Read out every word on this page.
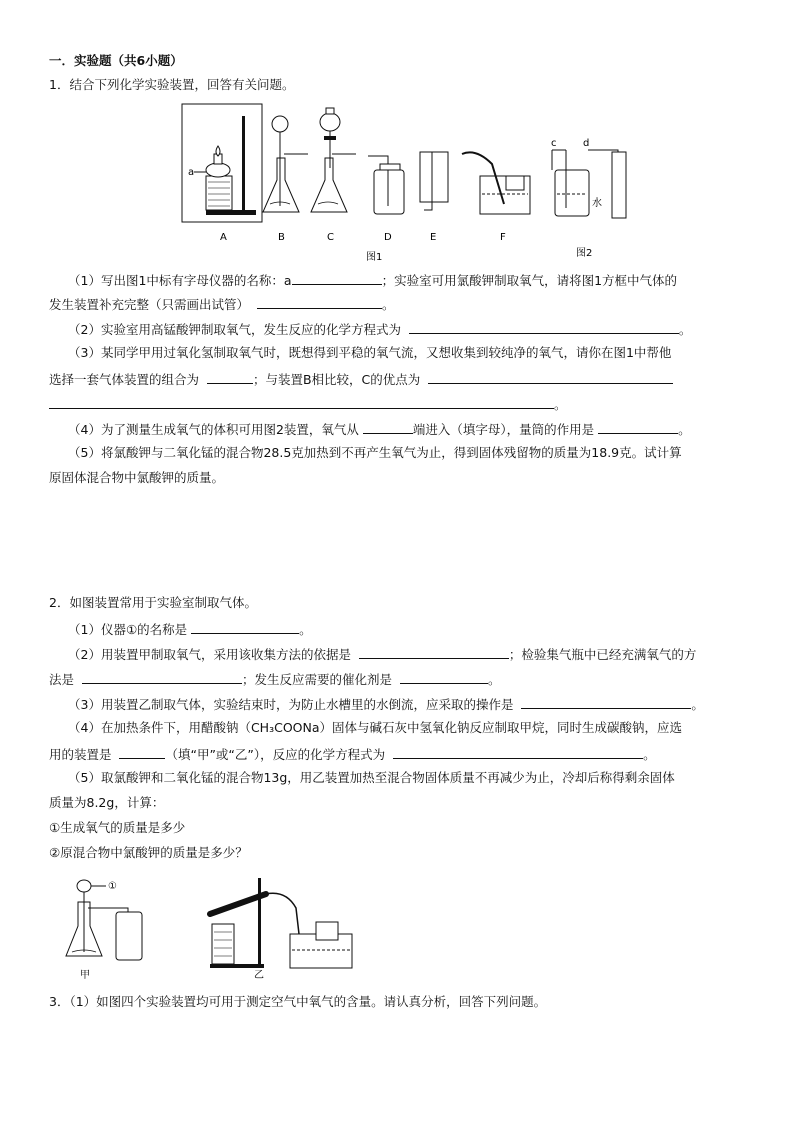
一．实验题（共6小题）
1．结合下列化学实验装置，回答有关问题。
a
c	d
水
A	B	C	D	E	F
图1	图2
（1）写出图1中标有字母仪器的名称：a	；实验室可用氯酸钾制取氧气，请将图1方框中气体的
发生装置补充完整（只需画出试管）	。
（2）实验室用高锰酸钾制取氧气，发生反应的化学方程式为	。
（3）某同学甲用过氧化氢制取氧气时，既想得到平稳的氧气流，又想收集到较纯净的氧气，请你在图1中帮他
选择一套气体装置的组合为	；与装置B相比较，C的优点为
。
（4）为了测量生成氧气的体积可用图2装置，氧气从	端进入（填字母），量筒的作用是	。
（5）将氯酸钾与二氧化锰的混合物28.5克加热到不再产生氧气为止，得到固体残留物的质量为18.9克。试计算
原固体混合物中氯酸钾的质量。
2．如图装置常用于实验室制取气体。
（1）仪器①的名称是	。
（2）用装置甲制取氧气，采用该收集方法的依据是	；检验集气瓶中已经充满氧气的方
法是	；发生反应需要的催化剂是	。
（3）用装置乙制取气体，实验结束时，为防止水槽里的水倒流，应采取的操作是	。
（4）在加热条件下，用醋酸钠（CH₃COONa）固体与碱石灰中氢氧化钠反应制取甲烷，同时生成碳酸钠，应选
用的装置是	（填“甲”或“乙”），反应的化学方程式为	。
（5）取氯酸钾和二氧化锰的混合物13g，用乙装置加热至混合物固体质量不再减少为止，冷却后称得剩余固体
质量为8.2g，计算：
①生成氧气的质量是多少
②原混合物中氯酸钾的质量是多少？
①
甲	乙
3．（1）如图四个实验装置均可用于测定空气中氧气的含量。请认真分析，回答下列问题。
